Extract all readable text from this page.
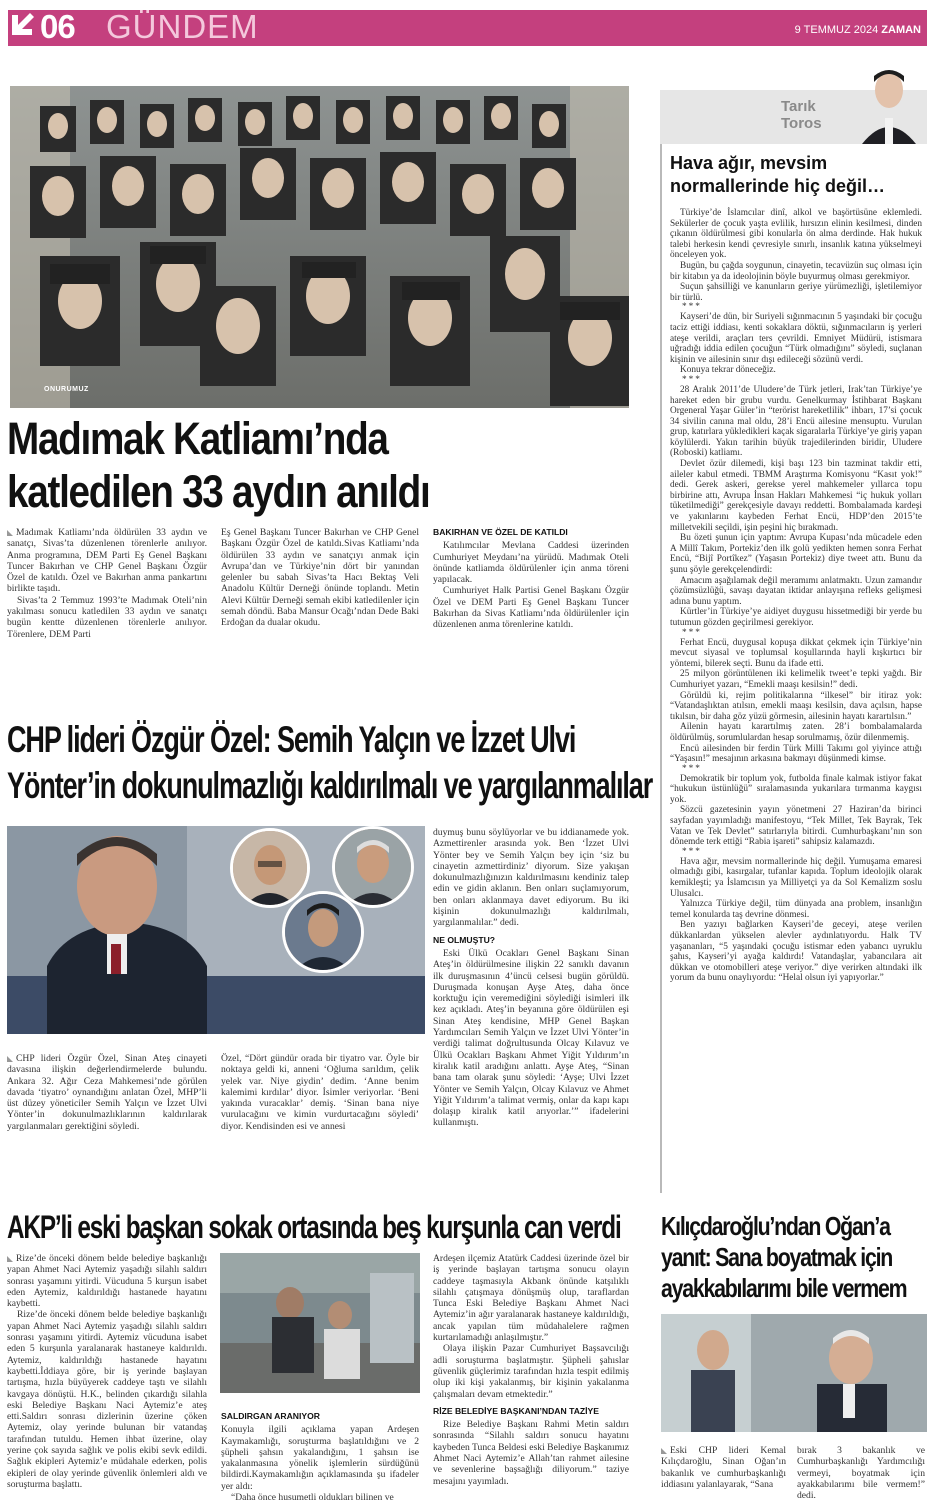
06 GÜNDEM	9 TEMMUZ 2024 ZAMAN
ONURUMUZ
Madımak Katliamı’nda
katledilen 33 aydın anıldı

Madımak Katliamı’nda öldürülen 33 aydın ve sanatçı, Sivas’ta düzenlenen törenlerle anılıyor. Anma programına, DEM Parti Eş Genel Başkanı Tuncer Bakırhan ve CHP Genel Başkanı Özgür Özel de katıldı. Özel ve Bakırhan anma pankartını birlikte taşıdı.

Sivas’ta 2 Temmuz 1993’te Madımak Oteli’nin yakılması sonucu katledilen 33 aydın ve sanatçı bugün kentte düzenlenen törenlerle anılıyor. Törenlere, DEM Parti

Eş Genel Başkanı Tuncer Bakırhan ve CHP Genel Başkanı Özgür Özel de katıldı.Sivas Katliamı’nda öldürülen 33 aydın ve sanatçıyı anmak için Avrupa’dan ve Türkiye’nin dört bir yanından gelenler bu sabah Sivas’ta Hacı Bektaş Veli Anadolu Kültür Derneği önünde toplandı. Metin Alevi Kültür Derneği semah ekibi katledilenler için semah döndü. Baba Mansur Ocağı’ndan Dede Baki Erdoğan da dualar okudu.

BAKIRHAN VE ÖZEL DE KATILDI

Katılımcılar Mevlana Caddesi üzerinden Cumhuriyet Meydanı’na yürüdü. Madımak Oteli önünde katliamda öldürülenler için anma töreni yapılacak.

Cumhuriyet Halk Partisi Genel Başkanı Özgür Özel ve DEM Parti Eş Genel Başkanı Tuncer Bakırhan da Sivas Katliamı’nda öldürülenler için düzenlenen anma törenlerine katıldı.

CHP lideri Özgür Özel: Semih Yalçın ve İzzet Ulvi
Yönter’in dokunulmazlığı kaldırılmalı ve yargılanmalılar

CHP lideri Özgür Özel, Sinan Ateş cinayeti davasına ilişkin değerlendirmelerde bulundu. Ankara 32. Ağır Ceza Mahkemesi’nde görülen davada ‘tiyatro’ oynandığını anlatan Özel, MHP’li üst düzey yöneticiler Semih Yalçın ve İzzet Ulvi Yönter’in dokunulmazlıklarının kaldırılarak yargılanmaları gerektiğini söyledi.

Özel, “Dört gündür orada bir tiyatro var. Öyle bir noktaya geldi ki, anneni ‘Oğluma sarıldım, çelik yelek var. Niye giydin’ dedim. ‘Anne benim kalemimi kırdılar’ diyor. İsimler veriyorlar. ‘Beni yakında vuracaklar’ demiş. ‘Sinan bana niye vurulacağını ve kimin vurdurtacağını söyledi’ diyor. Kendisinden esi ve annesi

duymuş bunu söylüyorlar ve bu iddianamede yok. Azmettirenler arasında yok. Ben ‘İzzet Ulvi Yönter bey ve Semih Yalçın bey için ‘siz bu cinayetin azmettirdiniz’ diyorum. Size yakışan dokunulmazlığınızın kaldırılmasını kendiniz talep edin ve gidin aklanın. Ben onları suçlamıyorum, ben onları aklanmaya davet ediyorum. Bu iki kişinin dokunulmazlığı kaldırılmalı, yargılanmalılar.” dedi.

NE OLMUŞTU?

Eski Ülkü Ocakları Genel Başkanı Sinan Ateş’in öldürülmesine ilişkin 22 sanıklı davanın ilk duruşmasının 4’üncü celsesi bugün görüldü. Duruşmada konuşan Ayşe Ateş, daha önce korktuğu için veremediğini söylediği isimleri ilk kez açıkladı. Ateş’in beyanına göre öldürülen eşi Sinan Ateş kendisine, MHP Genel Başkan Yardımcıları Semih Yalçın ve İzzet Ulvi Yönter’in verdiği talimat doğrultusunda Olcay Kılavuz ve Ülkü Ocakları Başkanı Ahmet Yiğit Yıldırım’ın kiralık katil aradığını anlattı. Ayşe Ateş, “Sinan bana tam olarak şunu söyledi: ‘Ayşe; Ulvi İzzet Yönter ve Semih Yalçın, Olcay Kılavuz ve Ahmet Yiğit Yıldırım’a talimat vermiş, onlar da kapı kapı dolaşıp kiralık katil arıyorlar.’” ifadelerini kullanmıştı.

AKP’li eski başkan sokak ortasında beş kurşunla can verdi

Rize’de önceki dönem belde belediye başkanlığı yapan Ahmet Naci Aytemiz yaşadığı silahlı saldırı sonrası yaşamını yitirdi. Vücuduna 5 kurşun isabet eden Aytemiz, kaldırıldığı hastanede hayatını kaybetti.

Rize’de önceki dönem belde belediye başkanlığı yapan Ahmet Naci Aytemiz yaşadığı silahlı saldırı sonrası yaşamını yitirdi. Aytemiz vücuduna isabet eden 5 kurşunla yaralanarak hastaneye kaldırıldı. Aytemiz, kaldırıldığı hastanede hayatını kaybetti.İddiaya göre, bir iş yerinde başlayan tartışma, hızla büyüyerek caddeye taştı ve silahlı kavgaya dönüştü. H.K., belinden çıkardığı silahla eski Belediye Başkanı Naci Aytemiz’e ateş etti.Saldırı sonrası dizlerinin üzerine çöken Aytemiz, olay yerinde bulunan bir vatandaş tarafından tutuldu. Hemen ihbat üzerine, olay yerine çok sayıda sağlık ve polis ekibi sevk edildi. Sağlık ekipleri Aytemiz’e müdahale ederken, polis ekipleri de olay yerinde güvenlik önlemleri aldı ve soruşturma başlattı.

SALDIRGAN ARANIYOR

Konuyla ilgili açıklama yapan Ardeşen Kaymakamlığı, soruşturma başlatıldığını ve 2 şüpheli şahsın yakalandığını, 1 şahsın ise yakalanmasına yönelik işlemlerin sürdüğünü bildirdi.Kaymakamlığın açıklamasında şu ifadeler yer aldı:

“Daha önce husumetli oldukları bilinen ve

Ardeşen ilçemiz Atatürk Caddesi üzerinde özel bir iş yerinde başlayan tartışma sonucu olayın caddeye taşmasıyla Akbank önünde katşılıklı silahlı çatışmaya dönüşmüş olup, taraflardan Tunca Eski Belediye Başkanı Ahmet Naci Aytemiz’in ağır yaralanarak hastaneye kaldırıldığı, ancak yapılan tüm müdahalelere rağmen kurtarılamadığı anlaşılmıştır.”

Olaya ilişkin Pazar Cumhuriyet Başsavcılığı adli soruşturma başlatmıştır. Şüpheli şahıslar güvenlik güçlerimiz tarafından hızla tespit edilmiş olup iki kişi yakalanmış, bir kişinin yakalanma çalışmaları devam etmektedir.”

RİZE BELEDİYE BAŞKANI’NDAN TAZİYE

Rize Belediye Başkanı Rahmi Metin saldırı sonrasında “Silahlı saldırı sonucu hayatını kaybeden Tunca Beldesi eski Belediye Başkanımız Ahmet Naci Aytemiz’e Allah’tan rahmet ailesine ve sevenlerine başsağlığı diliyorum.” taziye mesajını yayımladı.

Kılıçdaroğlu’ndan Oğan’a
yanıt: Sana boyatmak için
ayakkabılarımı bile vermem

Eski CHP lideri Kemal Kılıçdaroğlu, Sinan Oğan’ın bakanlık ve cumhurbaşkanlığı iddiasını yalanlayarak, “Sana

bırak 3 bakanlık ve Cumhurbaşkanlığı Yardımcılığı vermeyi, boyatmak için ayakkabılarımı bile vermem!” dedi.

Tarık
Toros
Hava ağır, mevsim
normallerinde hiç değil…

Türkiye’de İslamcılar dinî, alkol ve başörtüsüne eklemledi. Sekülerler de çocuk yaşta evlilik, hırsızın elinin kesilmesi, dinden çıkanın öldürülmesi gibi konularla ön alma derdinde. Hak hukuk talebi herkesin kendi çevresiyle sınırlı, insanlık katına yükselmeyi önceleyen yok.

Bugün, bu çağda soygunun, cinayetin, tecavüzün suç olması için bir kitabın ya da ideolojinin böyle buyurmuş olması gerekmiyor.

Suçun şahsilliği ve kanunların geriye yürümezliği, işletilemiyor bir türlü.

***

Kayseri’de dün, bir Suriyeli sığınmacının 5 yaşındaki bir çocuğu taciz ettiği iddiası, kenti sokaklara döktü, sığınmacıların iş yerleri ateşe verildi, araçları ters çevrildi. Emniyet Müdürü, istismara uğradığı iddia edilen çocuğun “Türk olmadığını” söyledi, suçlanan kişinin ve ailesinin sınır dışı edileceği sözünü verdi.

Konuya tekrar döneceğiz.

***

28 Aralık 2011’de Uludere’de Türk jetleri, Irak’tan Türkiye’ye hareket eden bir grubu vurdu. Genelkurmay İstihbarat Başkanı Orgeneral Yaşar Güler’in “terörist hareketlilik” ihbarı, 17’si çocuk 34 sivilin canına mal oldu, 28’i Encü ailesine mensuptu. Vurulan grup, katırlara yükledikleri kaçak sigaralarla Türkiye’ye giriş yapan köylülerdi. Yakın tarihin büyük trajedilerinden biridir, Uludere (Roboski) katliamı.

Devlet özür dilemedi, kişi başı 123 bin tazminat takdir etti, aileler kabul etmedi. TBMM Araştırma Komisyonu “Kasıt yok!” dedi. Gerek askeri, gerekse yerel mahkemeler yıllarca topu birbirine attı, Avrupa İnsan Hakları Mahkemesi “iç hukuk yolları tüketilmediği” gerekçesiyle davayı reddetti. Bombalamada kardeşi ve yakınlarını kaybeden Ferhat Encü, HDP’den 2015’te milletvekili seçildi, işin peşini hiç bırakmadı.

Bu özeti şunun için yaptım: Avrupa Kupası’nda mücadele eden A Millî Takım, Portekiz’den ilk golü yedikten hemen sonra Ferhat Encü, “Bijî Portîkez” (Yaşasın Portekiz) diye tweet attı. Bunu da şunu şöyle gerekçelendirdi:

Amacım aşağılamak değil meramımı anlatmaktı. Uzun zamandır çözümsüzlüğü, savaşı dayatan iktidar anlayışına refleks gelişmesi adına bunu yaptım.

Kürtler’in Türkiye’ye aidiyet duygusu hissetmediği bir yerde bu tutumun gözden geçirilmesi gerekiyor.

***

Ferhat Encü, duygusal kopuşa dikkat çekmek için Türkiye’nin mevcut siyasal ve toplumsal koşullarında hayli kışkırtıcı bir yöntemi, bilerek seçti. Bunu da ifade etti.

25 milyon görüntülenen iki kelimelik tweet’e tepki yağdı. Bir Cumhuriyet yazarı, “Emekli maaşı kesilsin!” dedi.

Görüldü ki, rejim politikalarına “ilkesel” bir itiraz yok: “Vatandaşlıktan atılsın, emekli maaşı kesilsin, dava açılsın, hapse tıkılsın, bir daha göz yüzü görmesin, ailesinin hayatı karartılsın.”

Ailenin hayatı karartılmış zaten. 28’i bombalamalarda öldürülmüş, sorumlulardan hesap sorulmamış, özür dilenmemiş.

Encü ailesinden bir ferdin Türk Milli Takımı gol yiyince attığı “Yaşasın!” mesajının arkasına bakmayı düşünmedi kimse.

***

Demokratik bir toplum yok, futbolda finale kalmak istiyor fakat “hukukun üstünlüğü” sıralamasında yukarılara tırmanma kaygısı yok.

Sözcü gazetesinin yayın yönetmeni 27 Haziran’da birinci sayfadan yayımladığı manifestoyu, “Tek Millet, Tek Bayrak, Tek Vatan ve Tek Devlet” satırlarıyla bitirdi. Cumhurbaşkanı’nın son dönemde terk ettiği “Rabia işareti” sahipsiz kalamazdı.

***

Hava ağır, mevsim normallerinde hiç değil. Yumuşama emaresi olmadığı gibi, kasırgalar, tufanlar kapıda. Toplum ideolojik olarak kemikleşti; ya İslamcısın ya Milliyetçi ya da Sol Kemalizm soslu Ulusalcı.

Yalnızca Türkiye değil, tüm dünyada ana problem, insanlığın temel konularda taş devrine dönmesi.

Ben yazıyı bağlarken Kayseri’de geceyi, ateşe verilen dükkanlardan yükselen alevler aydınlatıyordu. Halk TV yaşananları, “5 yaşındaki çocuğu istismar eden yabancı uyruklu şahıs, Kayseri’yi ayağa kaldırdı! Vatandaşlar, yabancılara ait dükkan ve otomobilleri ateşe veriyor.” diye verirken altındaki ilk yorum da bunu onaylıyordu: “Helal olsun iyi yapıyorlar.”
